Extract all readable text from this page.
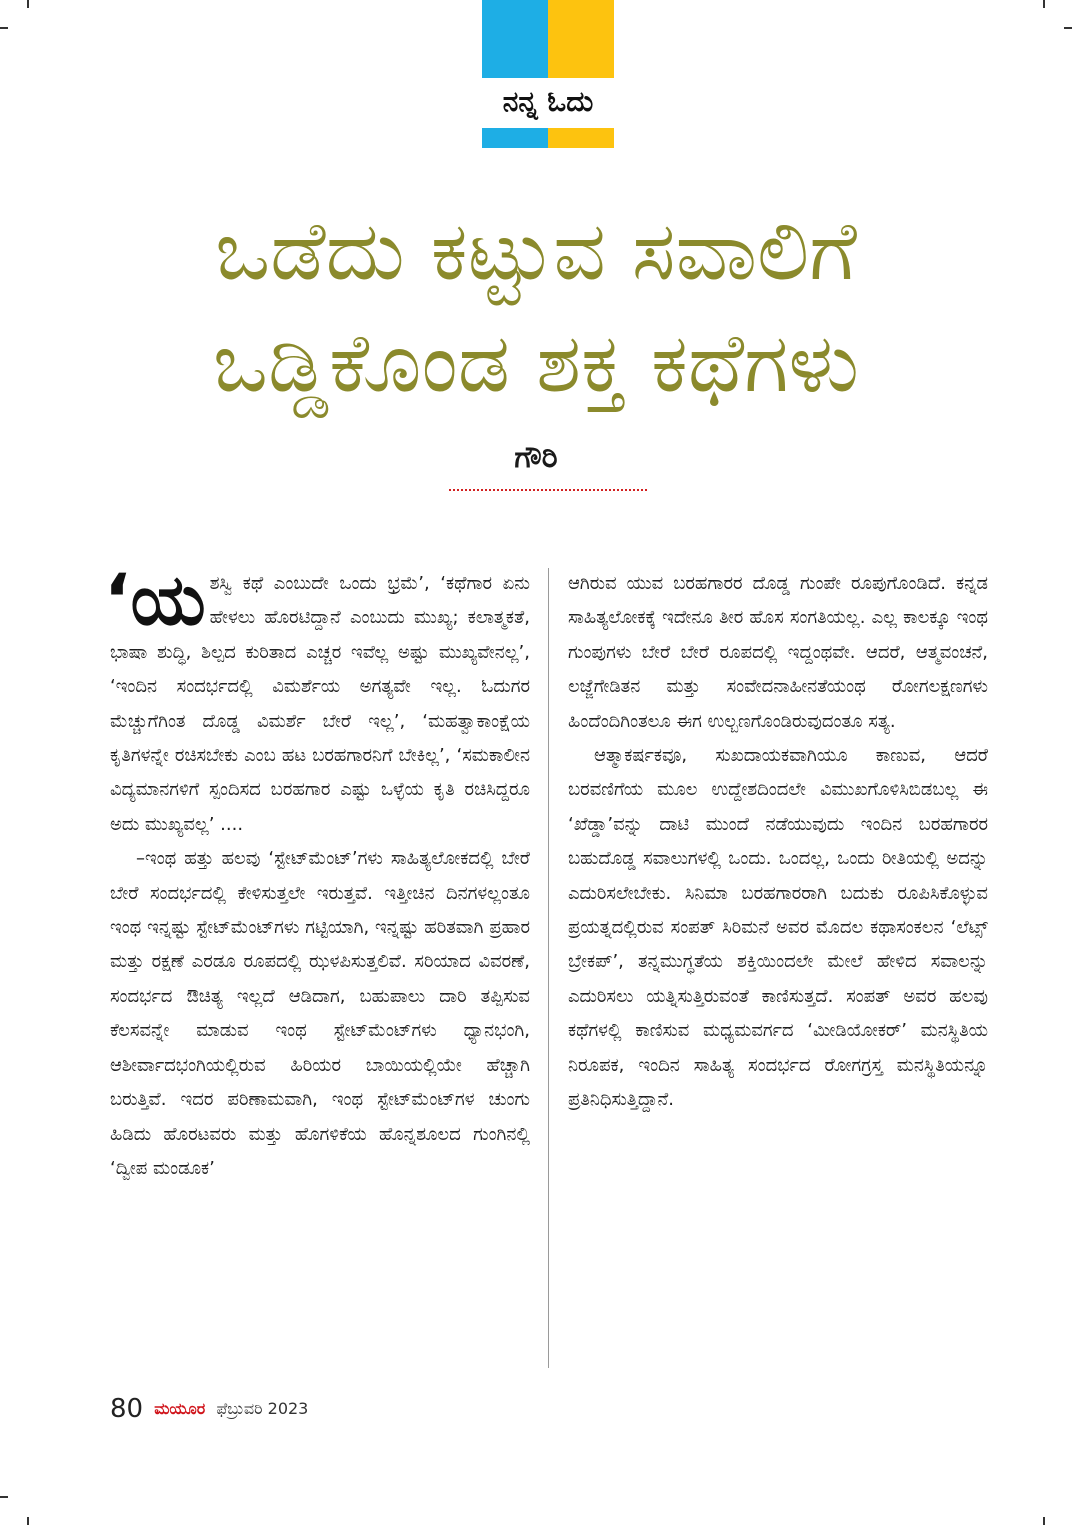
ನನ್ನ ಓದು
ಒಡೆದು ಕಟ್ಟುವ ಸವಾಲಿಗೆ
ಒಡ್ಡಿಕೊಂಡ ಶಕ್ತ ಕಥೆಗಳು
ಗೌರಿ

‘ಯಶಸ್ವಿ ಕಥೆ ಎಂಬುದೇ ಒಂದು ಭ್ರಮೆ’, ‘ಕಥೆಗಾರ ಏನು ಹೇಳಲು ಹೊರಟಿದ್ದಾನೆ ಎಂಬುದು ಮುಖ್ಯ; ಕಲಾತ್ಮಕತೆ, ಭಾಷಾ ಶುದ್ಧಿ, ಶಿಲ್ಪದ ಕುರಿತಾದ ಎಚ್ಚರ ಇವೆಲ್ಲ ಅಷ್ಟು ಮುಖ್ಯವೇನಲ್ಲ’, ‘ಇಂದಿನ ಸಂದರ್ಭದಲ್ಲಿ ವಿಮರ್ಶೆಯ ಅಗತ್ಯವೇ ಇಲ್ಲ. ಓದುಗರ ಮೆಚ್ಚುಗೆಗಿಂತ ದೊಡ್ಡ ವಿಮರ್ಶೆ ಬೇರೆ ಇಲ್ಲ’, ‘ಮಹತ್ವಾಕಾಂಕ್ಷೆಯ ಕೃತಿಗಳನ್ನೇ ರಚಿಸಬೇಕು ಎಂಬ ಹಟ ಬರಹಗಾರನಿಗೆ ಬೇಕಿಲ್ಲ’, ‘ಸಮಕಾಲೀನ ವಿದ್ಯಮಾನಗಳಿಗೆ ಸ್ಪಂದಿಸದ ಬರಹಗಾರ ಎಷ್ಟು ಒಳ್ಳೆಯ ಕೃತಿ ರಚಿಸಿದ್ದರೂ ಅದು ಮುಖ್ಯವಲ್ಲ’ ....

–ಇಂಥ ಹತ್ತು ಹಲವು ‘ಸ್ಟೇಟ್‌ಮೆಂಟ್’ಗಳು ಸಾಹಿತ್ಯಲೋಕದಲ್ಲಿ ಬೇರೆ ಬೇರೆ ಸಂದರ್ಭದಲ್ಲಿ ಕೇಳಿಸುತ್ತಲೇ ಇರುತ್ತವೆ. ಇತ್ತೀಚಿನ ದಿನಗಳಲ್ಲಂತೂ ಇಂಥ ಇನ್ನಷ್ಟು ಸ್ಟೇಟ್‌ಮೆಂಟ್‌ಗಳು ಗಟ್ಟಿಯಾಗಿ, ಇನ್ನಷ್ಟು ಹರಿತವಾಗಿ ಪ್ರಹಾರ ಮತ್ತು ರಕ್ಷಣೆ ಎರಡೂ ರೂಪದಲ್ಲಿ ಝಳಪಿಸುತ್ತಲಿವೆ. ಸರಿಯಾದ ವಿವರಣೆ, ಸಂದರ್ಭದ ಔಚಿತ್ಯ ಇಲ್ಲದೆ ಆಡಿದಾಗ, ಬಹುಪಾಲು ದಾರಿ ತಪ್ಪಿಸುವ ಕೆಲಸವನ್ನೇ ಮಾಡುವ ಇಂಥ ಸ್ಟೇಟ್‌ಮೆಂಟ್‌ಗಳು ಧ್ಯಾನಭಂಗಿ, ಆಶೀರ್ವಾದಭಂಗಿಯಲ್ಲಿರುವ ಹಿರಿಯರ ಬಾಯಿಯಲ್ಲಿಯೇ ಹೆಚ್ಚಾಗಿ ಬರುತ್ತಿವೆ. ಇದರ ಪರಿಣಾಮವಾಗಿ, ಇಂಥ ಸ್ಟೇಟ್‌ಮೆಂಟ್‌ಗಳ ಚುಂಗು ಹಿಡಿದು ಹೊರಟವರು ಮತ್ತು ಹೊಗಳಿಕೆಯ ಹೊನ್ನಶೂಲದ ಗುಂಗಿನಲ್ಲಿ ‘ದ್ವೀಪ ಮಂಡೂಕ’

ಆಗಿರುವ ಯುವ ಬರಹಗಾರರ ದೊಡ್ಡ ಗುಂಪೇ ರೂಪುಗೊಂಡಿದೆ. ಕನ್ನಡ ಸಾಹಿತ್ಯಲೋಕಕ್ಕೆ ಇದೇನೂ ತೀರ ಹೊಸ ಸಂಗತಿಯಲ್ಲ. ಎಲ್ಲ ಕಾಲಕ್ಕೂ ಇಂಥ ಗುಂಪುಗಳು ಬೇರೆ ಬೇರೆ ರೂಪದಲ್ಲಿ ಇದ್ದಂಥವೇ. ಆದರೆ, ಆತ್ಮವಂಚನೆ, ಲಜ್ಜೆಗೇಡಿತನ ಮತ್ತು ಸಂವೇದನಾಹೀನತೆಯಂಥ ರೋಗಲಕ್ಷಣಗಳು ಹಿಂದೆಂದಿಗಿಂತಲೂ ಈಗ ಉಲ್ಬಣಗೊಂಡಿರುವುದಂತೂ ಸತ್ಯ.

ಆತ್ಮಾಕರ್ಷಕವೂ, ಸುಖದಾಯಕವಾಗಿಯೂ ಕಾಣುವ, ಆದರೆ ಬರವಣಿಗೆಯ ಮೂಲ ಉದ್ದೇಶದಿಂದಲೇ ವಿಮುಖಗೊಳಿಸಿಬಿಡಬಲ್ಲ ಈ ‘ಖೆಡ್ಡಾ’ವನ್ನು ದಾಟಿ ಮುಂದೆ ನಡೆಯುವುದು ಇಂದಿನ ಬರಹಗಾರರ ಬಹುದೊಡ್ಡ ಸವಾಲುಗಳಲ್ಲಿ ಒಂದು. ಒಂದಲ್ಲ, ಒಂದು ರೀತಿಯಲ್ಲಿ ಅದನ್ನು ಎದುರಿಸಲೇಬೇಕು. ಸಿನಿಮಾ ಬರಹಗಾರರಾಗಿ ಬದುಕು ರೂಪಿಸಿಕೊಳ್ಳುವ ಪ್ರಯತ್ನದಲ್ಲಿರುವ ಸಂಪತ್ ಸಿರಿಮನೆ ಅವರ ಮೊದಲ ಕಥಾಸಂಕಲನ ‘ಲೆಟ್ಸ್ ಬ್ರೇಕಪ್’, ತನ್ನಮುಗ್ಧತೆಯ ಶಕ್ತಿಯಿಂದಲೇ ಮೇಲೆ ಹೇಳಿದ ಸವಾಲನ್ನು ಎದುರಿಸಲು ಯತ್ನಿಸುತ್ತಿರುವಂತೆ ಕಾಣಿಸುತ್ತದೆ. ಸಂಪತ್ ಅವರ ಹಲವು ಕಥೆಗಳಲ್ಲಿ ಕಾಣಿಸುವ ಮಧ್ಯಮವರ್ಗದ ‘ಮೀಡಿಯೋಕರ್’ ಮನಸ್ಥಿತಿಯ ನಿರೂಪಕ, ಇಂದಿನ ಸಾಹಿತ್ಯ ಸಂದರ್ಭದ ರೋಗಗ್ರಸ್ತ ಮನಸ್ಥಿತಿಯನ್ನೂ ಪ್ರತಿನಿಧಿಸುತ್ತಿದ್ದಾನೆ.

80 ಮಯೂರ ಫೆಬ್ರುವರಿ 2023
